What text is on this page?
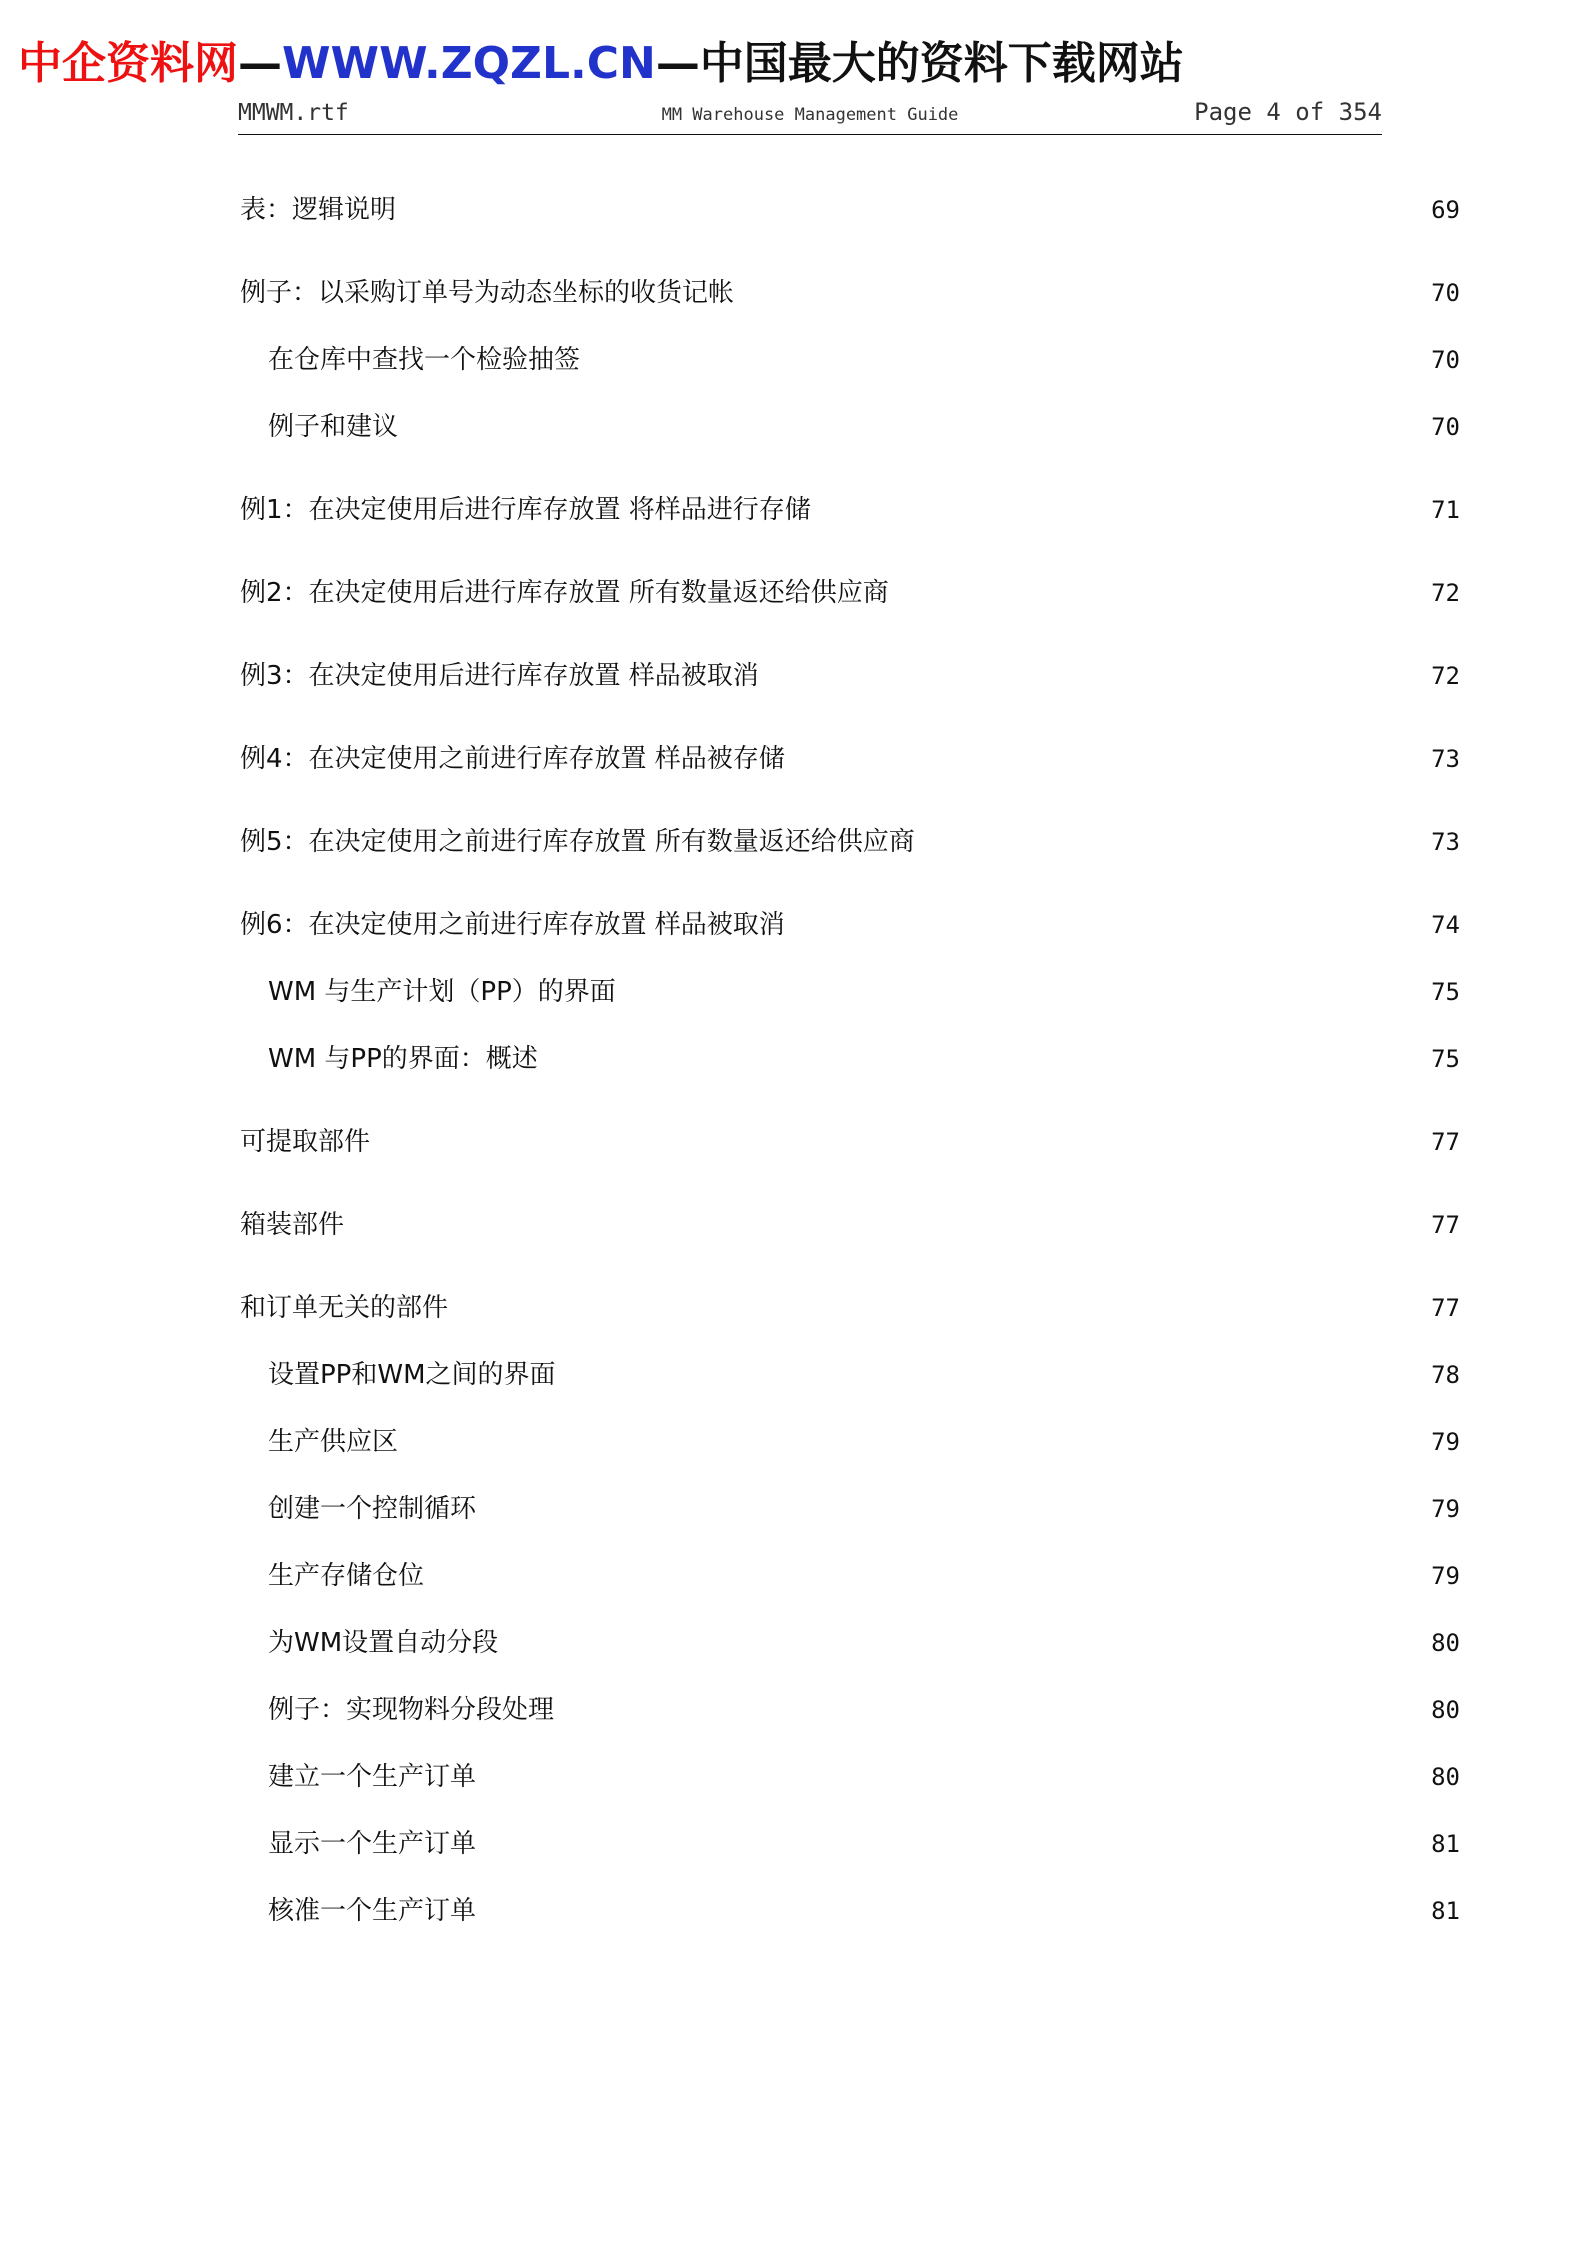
中企资料网—WWW.ZQZL.CN—中国最大的资料下载网站
MMWM.rtf	MM Warehouse Management Guide	Page 4 of 354
表：逻辑说明	69
例子：以采购订单号为动态坐标的收货记帐	70
在仓库中查找一个检验抽签	70
例子和建议	70
例1：在决定使用后进行库存放置 将样品进行存储	71
例2：在决定使用后进行库存放置 所有数量返还给供应商	72
例3：在决定使用后进行库存放置 样品被取消	72
例4：在决定使用之前进行库存放置 样品被存储	73
例5：在决定使用之前进行库存放置 所有数量返还给供应商	73
例6：在决定使用之前进行库存放置 样品被取消	74
WM 与生产计划（PP）的界面	75
WM 与PP的界面：概述	75
可提取部件	77
箱装部件	77
和订单无关的部件	77
设置PP和WM之间的界面	78
生产供应区	79
创建一个控制循环	79
生产存储仓位	79
为WM设置自动分段	80
例子：实现物料分段处理	80
建立一个生产订单	80
显示一个生产订单	81
核准一个生产订单	81
